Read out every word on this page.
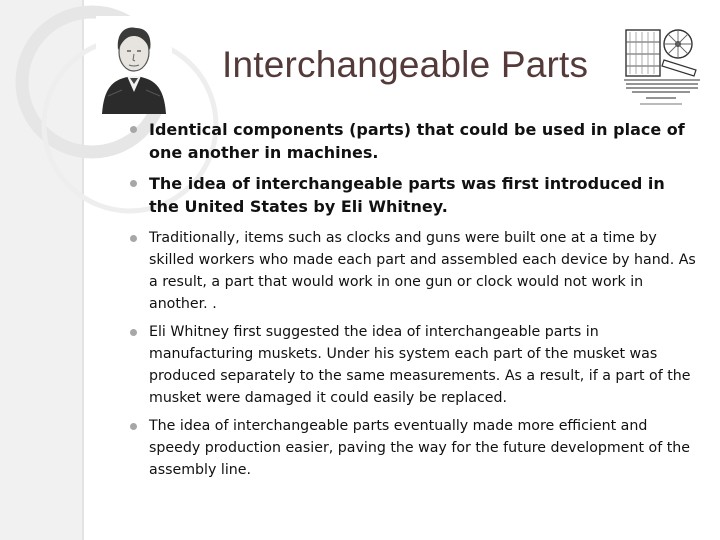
Interchangeable Parts
Identical components (parts) that could be used in place of one another in machines.
The idea of interchangeable parts was first introduced in the United States by Eli Whitney.
Traditionally, items such as clocks and guns were built one at a time by skilled workers who made each part and assembled each device by hand. As a result, a part that would work in one gun or clock would not work in another. .
Eli Whitney first suggested the idea of interchangeable parts in manufacturing muskets. Under his system each part of the musket was produced separately to the same measurements. As a result, if a part of the musket were damaged it could easily be replaced.
The idea of interchangeable parts eventually made more efficient and speedy production easier, paving the way for the future development of the assembly line.
